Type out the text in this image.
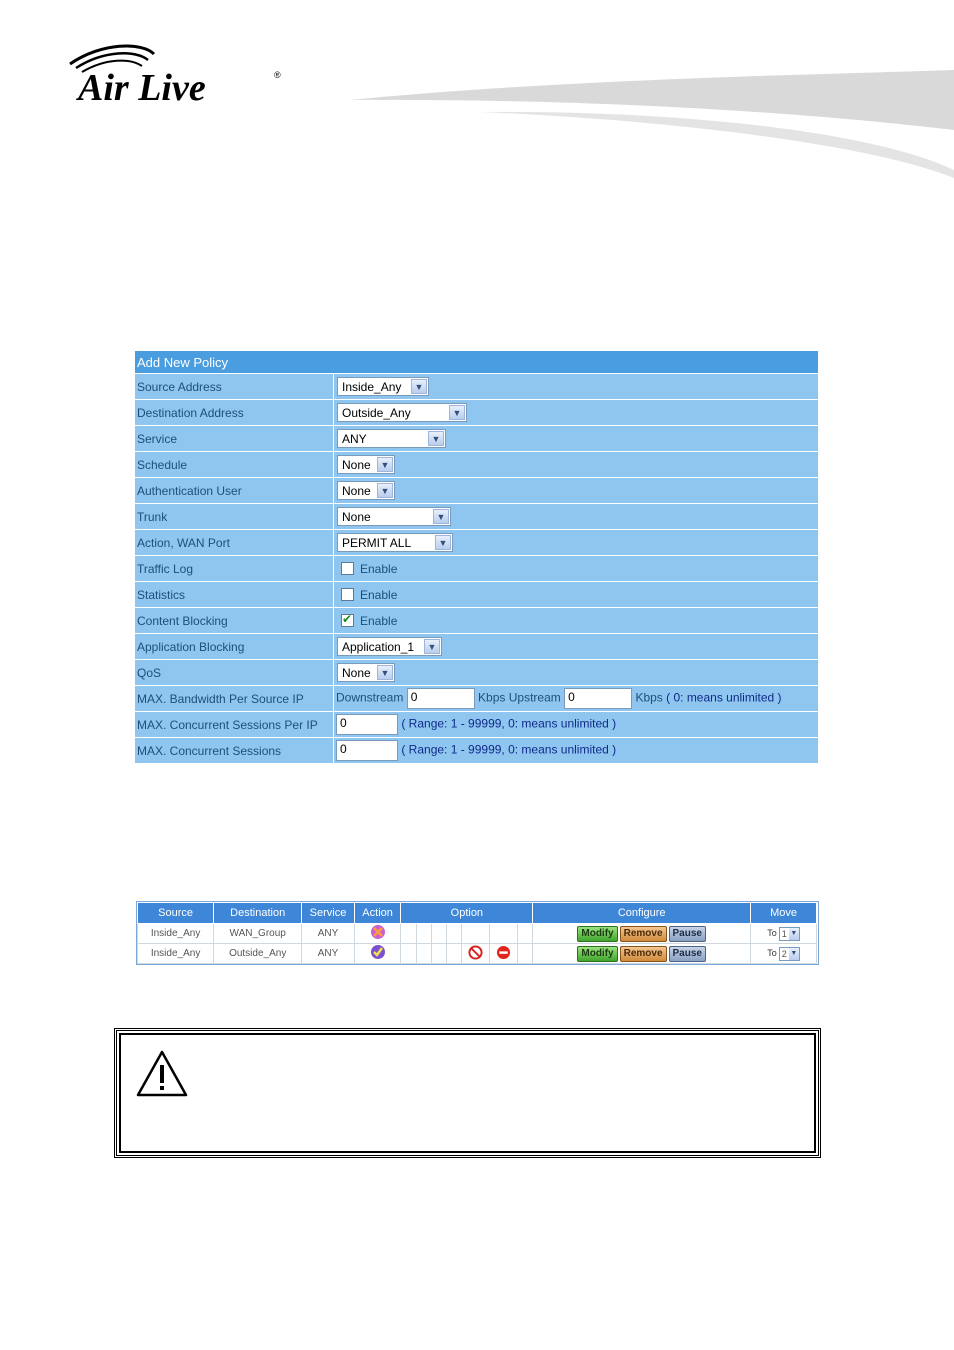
Air Live	®
Add New Policy	
Source Address	Inside_Any ▼

Destination Address	Outside_Any ▼

Service	ANY ▼

Schedule	None ▼

Authentication User	None ▼

Trunk	None ▼

Action, WAN Port	PERMIT ALL ▼

Traffic Log	Enable
Statistics	Enable
Content Blocking	✔Enable
Application Blocking	Application_1 ▼

QoS	None ▼

MAX. Bandwidth Per Source IP	Downstream 0 Kbps Upstream 0 Kbps ( 0: means unlimited )
MAX. Concurrent Sessions Per IP	0 ( Range: 1 - 99999, 0: means unlimited )
MAX. Concurrent Sessions	0 ( Range: 1 - 99999, 0: means unlimited )
Source	Destination	Service	Action	Option							Configure	Move
Inside_Any	WAN_Group	ANY									Modify Remove Pause	To 1 ▼

Inside_Any	Outside_Any	ANY									Modify Remove Pause	To 2 ▼
